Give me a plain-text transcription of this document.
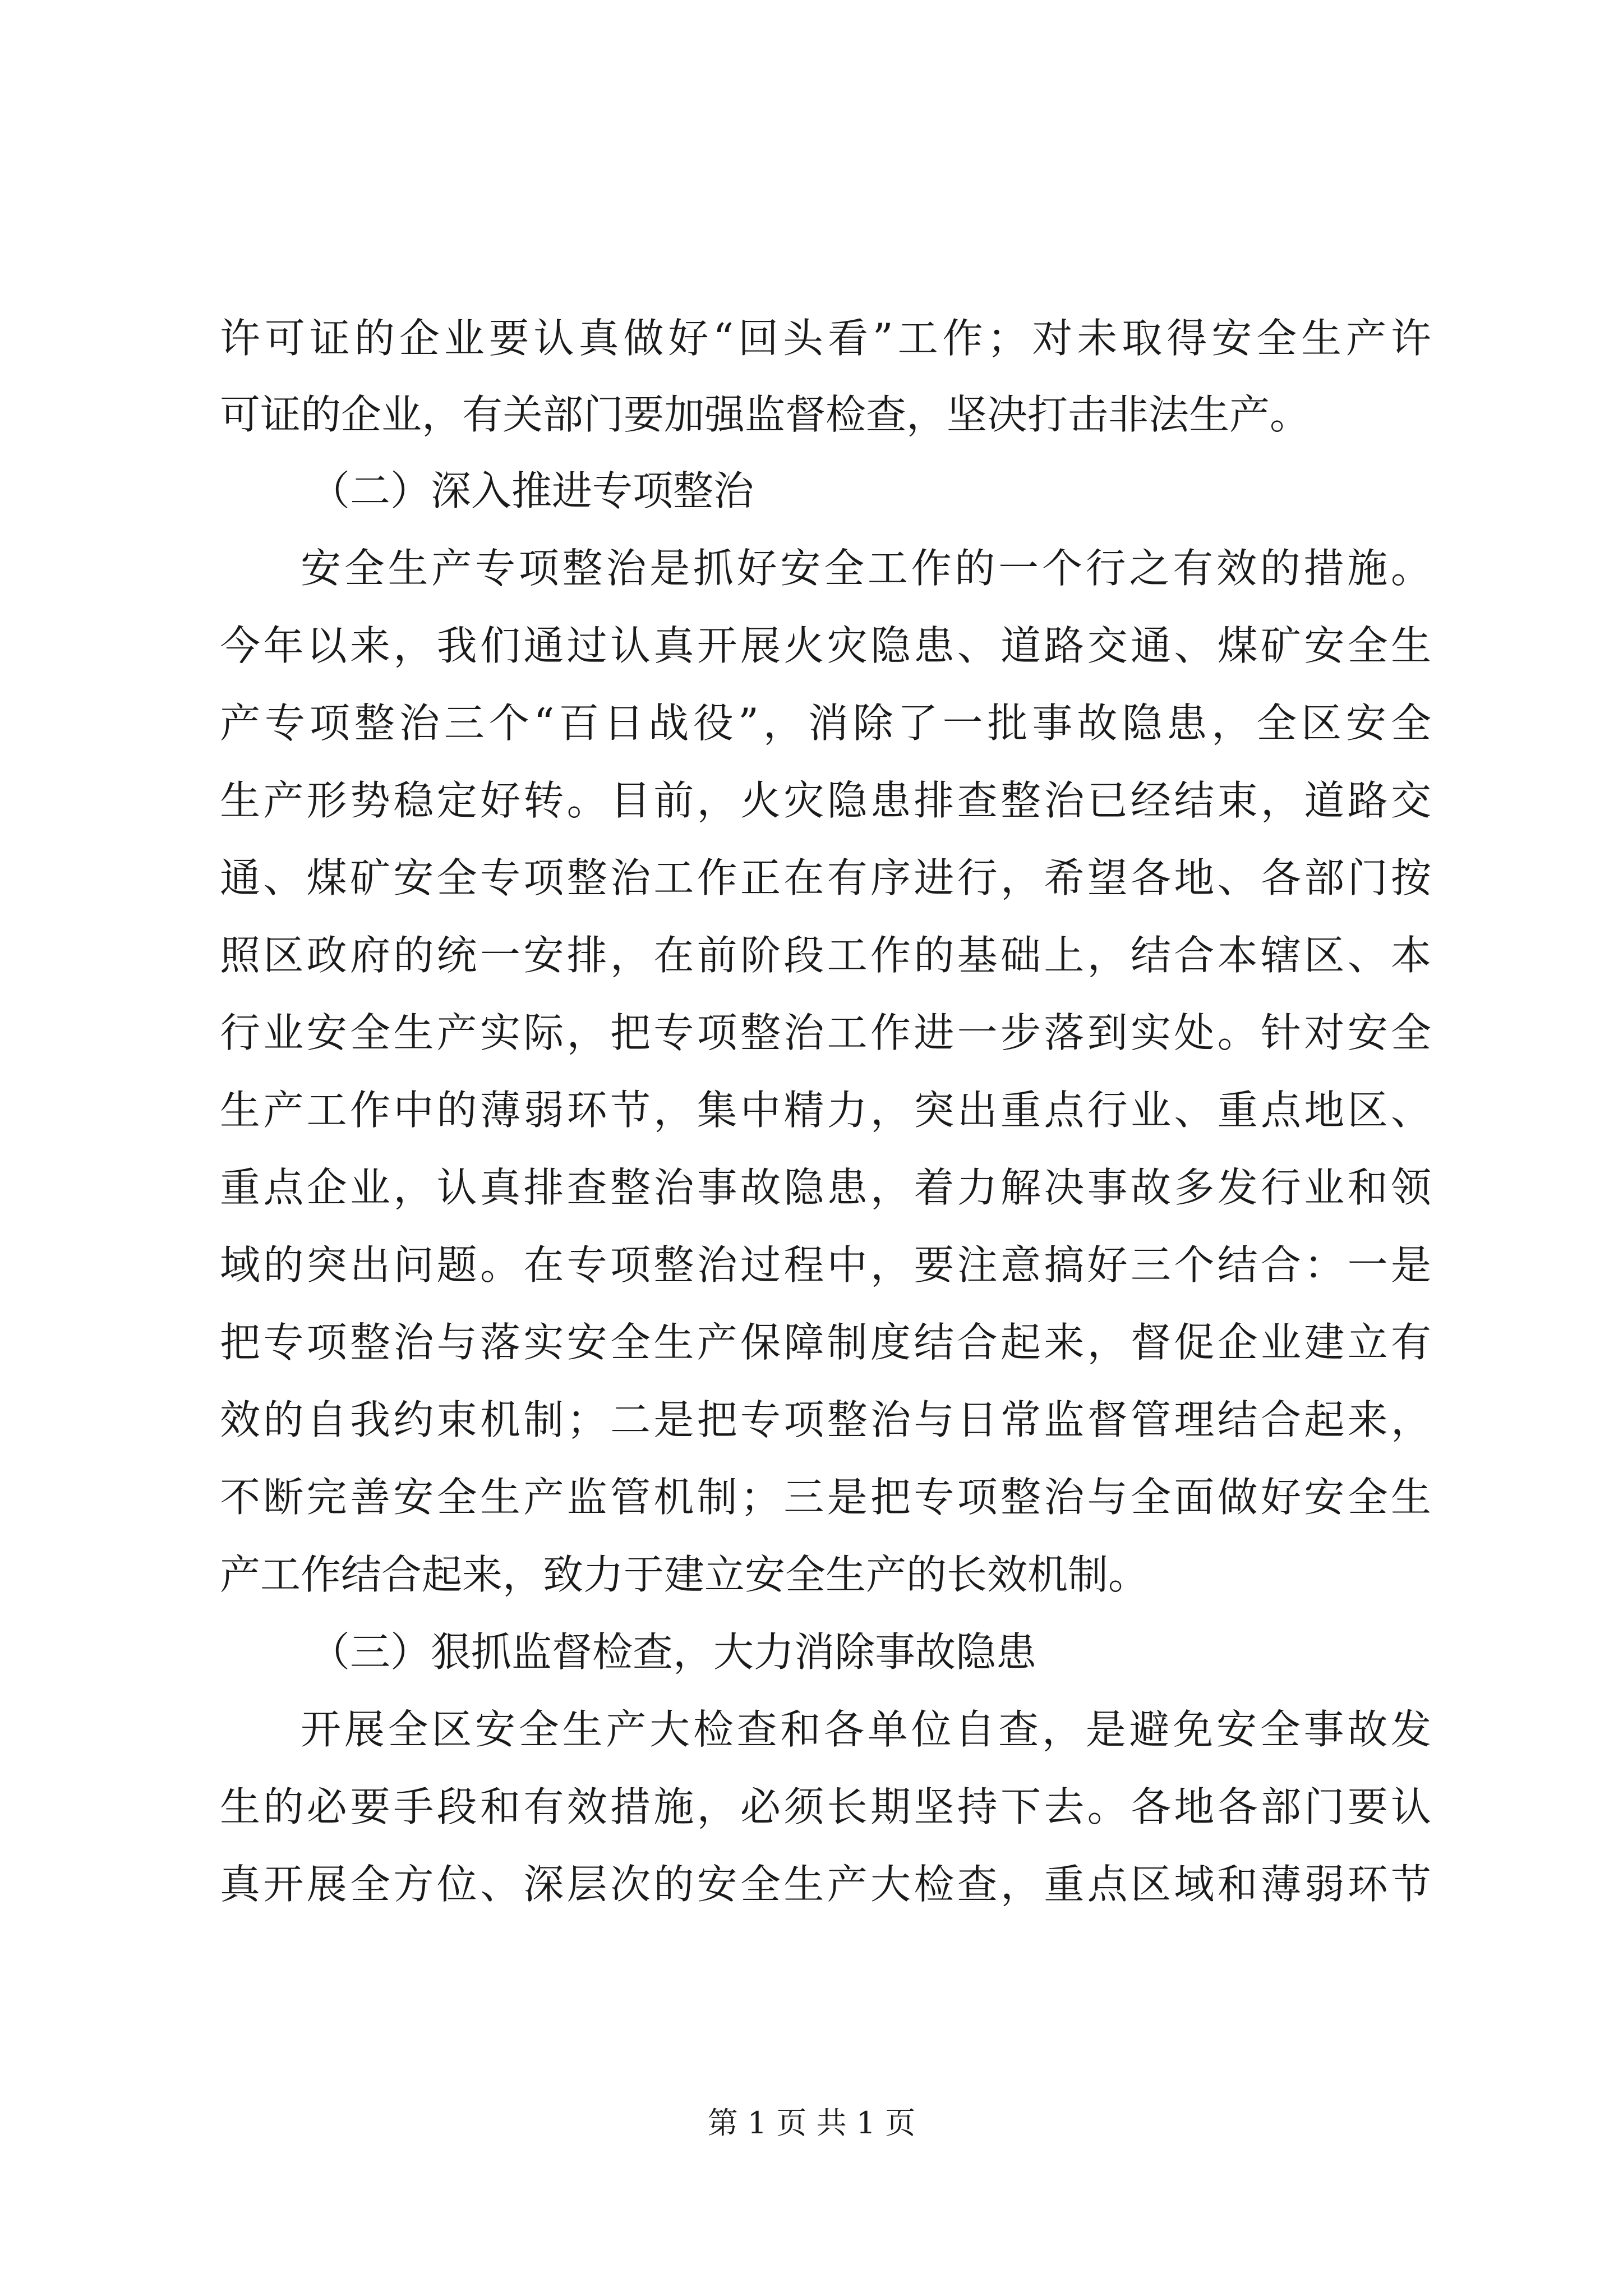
许可证的企业要认真做好“回头看”工作；对未取得安全生产许
可证的企业，有关部门要加强监督检查，坚决打击非法生产。
（二）深入推进专项整治
安全生产专项整治是抓好安全工作的一个行之有效的措施。
今年以来，我们通过认真开展火灾隐患、道路交通、煤矿安全生
产专项整治三个“百日战役”，消除了一批事故隐患，全区安全
生产形势稳定好转。目前，火灾隐患排查整治已经结束，道路交
通、煤矿安全专项整治工作正在有序进行，希望各地、各部门按
照区政府的统一安排，在前阶段工作的基础上，结合本辖区、本
行业安全生产实际，把专项整治工作进一步落到实处。针对安全
生产工作中的薄弱环节，集中精力，突出重点行业、重点地区、
重点企业，认真排查整治事故隐患，着力解决事故多发行业和领
域的突出问题。在专项整治过程中，要注意搞好三个结合：一是
把专项整治与落实安全生产保障制度结合起来，督促企业建立有
效的自我约束机制；二是把专项整治与日常监督管理结合起来，
不断完善安全生产监管机制；三是把专项整治与全面做好安全生
产工作结合起来，致力于建立安全生产的长效机制。
（三）狠抓监督检查，大力消除事故隐患
开展全区安全生产大检查和各单位自查，是避免安全事故发
生的必要手段和有效措施，必须长期坚持下去。各地各部门要认
真开展全方位、深层次的安全生产大检查，重点区域和薄弱环节
第 1 页 共 1 页
